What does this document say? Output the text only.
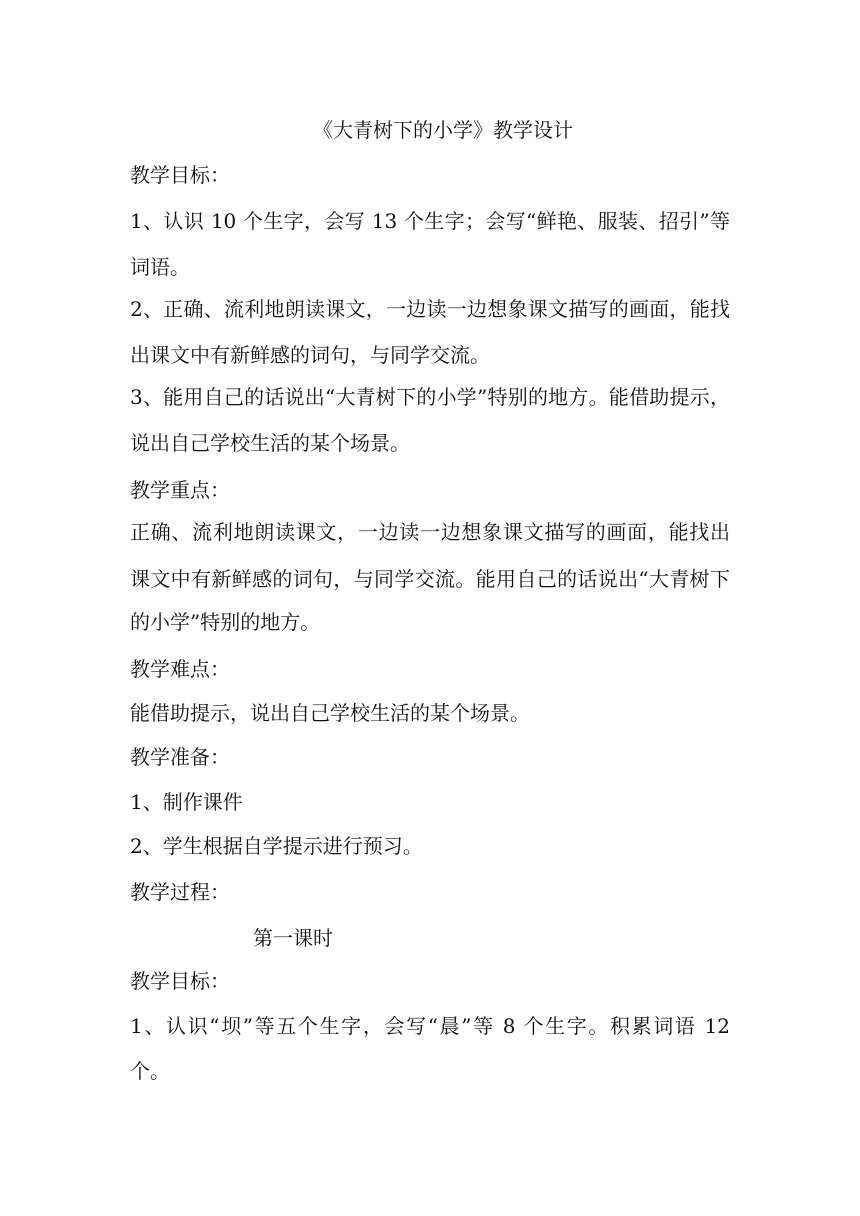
《大青树下的小学》教学设计
教学目标：
1、认识 10 个生字，会写 13 个生字；会写“鲜艳、服装、招引”等
词语。
2、正确、流利地朗读课文，一边读一边想象课文描写的画面，能找
出课文中有新鲜感的词句，与同学交流。
3、能用自己的话说出“大青树下的小学”特别的地方。能借助提示，
说出自己学校生活的某个场景。
教学重点：
正确、流利地朗读课文，一边读一边想象课文描写的画面，能找出
课文中有新鲜感的词句，与同学交流。能用自己的话说出“大青树下
的小学”特别的地方。
教学难点：
能借助提示，说出自己学校生活的某个场景。
教学准备：
1、制作课件
2、学生根据自学提示进行预习。
教学过程：
第一课时
教学目标：
1、认识“坝”等五个生字，会写“晨”等 8 个生字。积累词语 12
个。
